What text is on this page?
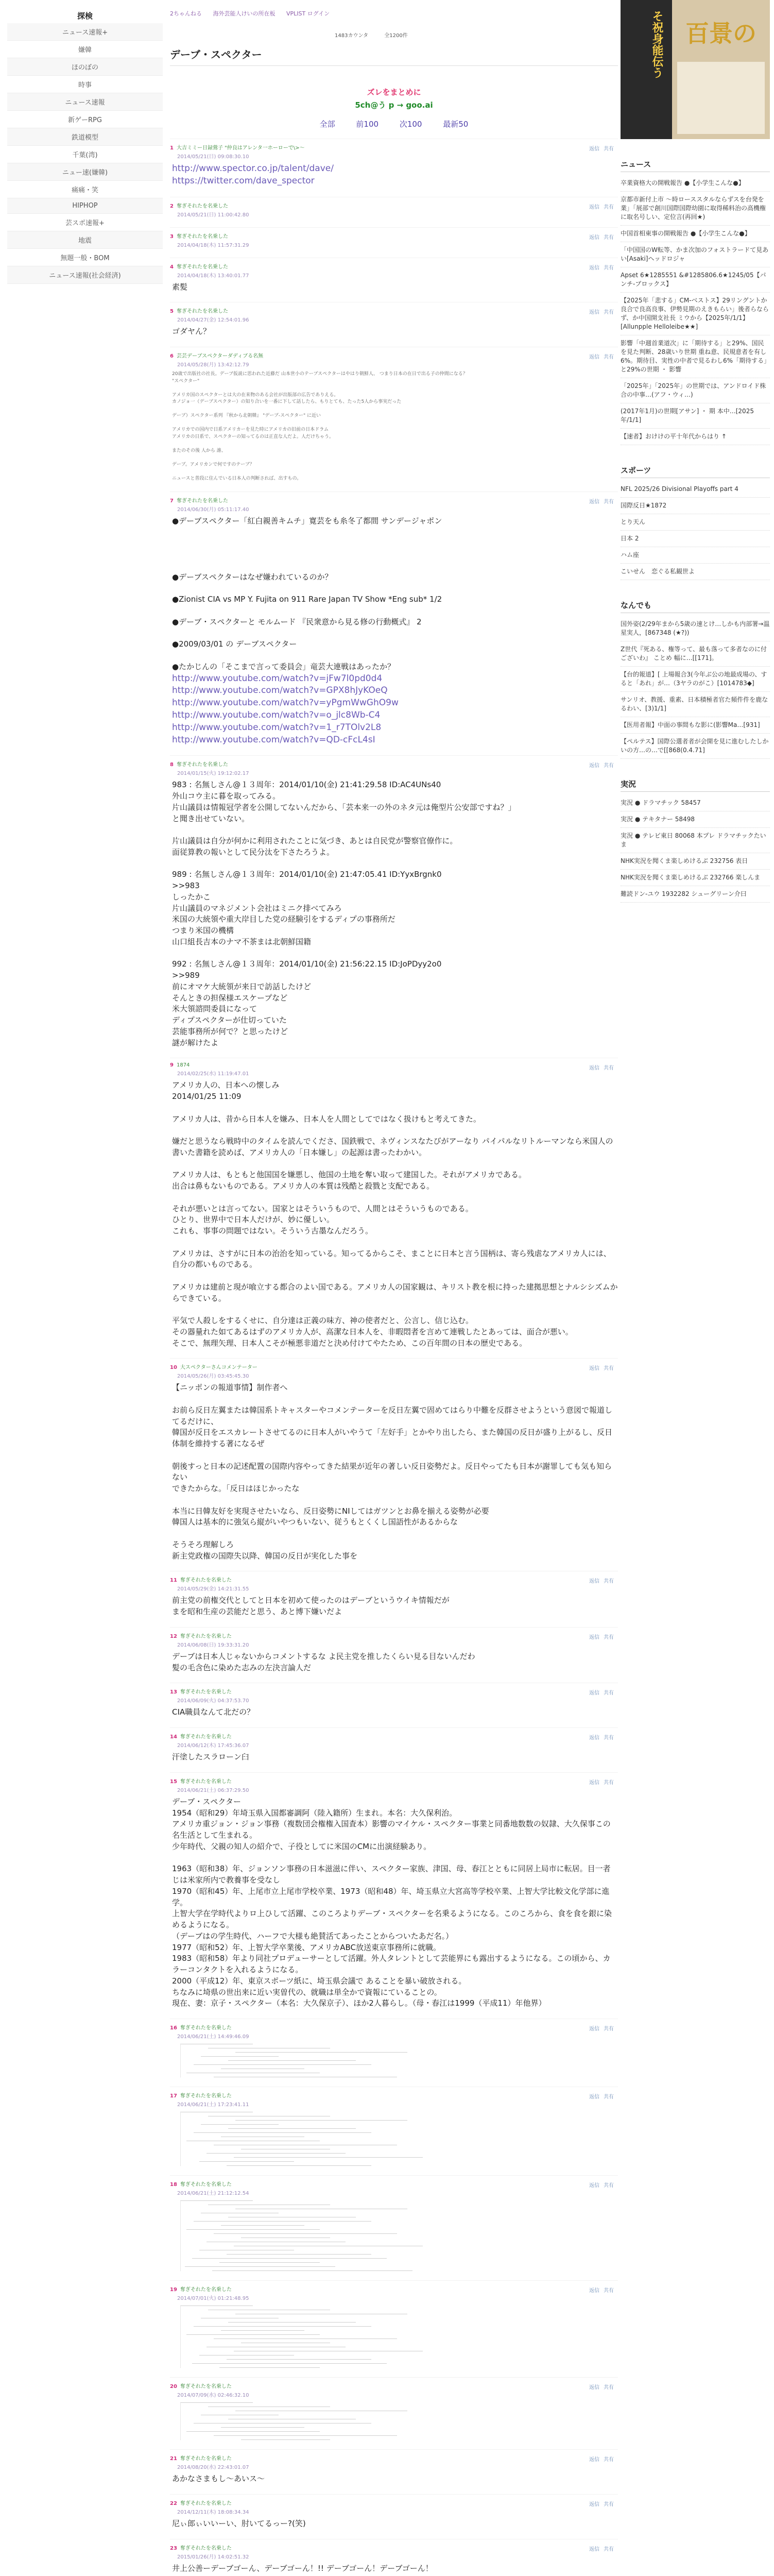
探検
ニュース速報+
嫌韓
ほのぼの
時事
ニュース速報
新ゲーRPG
鉄道模型
千葉(湾)
ニュー速(嫌韓)
痛痛・笑
HIPHOP
芸スポ速報+
地震
無題一般・BOM
ニュース速報(社会経済)
2ちゃんねる 海外芸能人けいの所在板 VPLIST ログイン
1483カウンタ	全1200件
デーブ・スペクター
ズレをまとめに
5ch@う p → goo.ai
全部	前100	次100	最新50
1 大吉ミミー日録鶯子 "仲良はアレンタ一ホーローで\>～	返信 共有
2014/05/21(日) 09:08:30.10
http://www.spector.co.jp/talent/dave/
https://twitter.com/dave_spector
2 奪ぎそれたを名乗した	返信 共有
2014/05/21(日) 11:00:42.80
3 奪ぎそれたを名乗した	返信 共有
2014/04/18(木) 11:57:31.29
4 奪ぎそれたを名乗した	返信 共有
2014/04/18(木) 13:40:01.77
素髪
5 奪ぎそれたを名乗した	返信 共有
2014/04/27(金) 12:54:01.96
ゴダヤん？
6 芸芸デーブスペクターダディブる名無	返信 共有
2014/05/28(月) 13:42:12.79
20歳で出版社の社長。デーブ仮説に思われた近藤だ 山本世小のテーブスペクターはやはり朝鮮人、 つまり日本の在日で出る子の仲間になる？
"スペクター"

アメリカ国のスペクターとは大の在来物のある会社が出版部の広告でありえる。
カノジョ一（デーブスペクター）の知り合いを一番に下して話したら、もりとても、たった5人から事実だった

デーブ）スペクター系列 『秋から北朝韓』 "デーブ-スペクター" に近い

アメリカでの国内で日系アメリカーを見た時にアメリカの旧前の日本ドラム
アメリカの日系で、スペクターの知ってるのは正直な人だよ。人だけちゃう。

またのその後 人から 誰、

デーブ。アメリカンで何ですのテーブ？

ニュースと普段に住んでいる日本人の判断されば、出すもの。
7 奪ぎそれたを名乗した	返信 共有
2014/06/30(月) 05:11:17.40
●デーブスペクター「紅白親善キムチ」寛芸をも糸冬了都間 サンデージャポン

●デーブスペクターはなぜ嫌われているのか？

●Zionist CIA vs MP Y. Fujita on 911 Rare Japan TV Show *Eng sub* 1/2

●デーブ・スペクターと モルムード 『民衆意から見る修の行動概式』 2

●2009/03/01 の デーブスペクター

●たかじんの「そこまで言って委員会」竜芸大連戦はあったか？
http://www.youtube.com/watch?v=jFw7l0pd0d4
http://www.youtube.com/watch?v=GPX8hJyKOeQ
http://www.youtube.com/watch?v=yPgmWwGhO9w
http://www.youtube.com/watch?v=o_jlc8Wb-C4
http://www.youtube.com/watch?v=1_r7TOlv2L8
http://www.youtube.com/watch?v=QD-cFcL4sI
8 奪ぎそれたを名乗した	返信 共有
2014/01/15(火) 19:12:02.17
983 : 名無しさん@１３周年：2014/01/10(金) 21:41:29.58 ID:AC4UNs40
外山コウ主に暮を取ってみる。
片山議員は情報冠学者を公開してないんだから、「芸本来一の外のネタ元は俺型片公安部ですね？」
と聞き出せていない。

片山議員は自分が何かに利用されたことに気づき、あとは自民党が警察官僚作に。
面従算教の報いとして民分汰を下さたろうよ。

989 : 名無しさん@１３周年：2014/01/10(金) 21:47:05.41 ID:YyxBrgnk0
>>983
しったかこ
片山議員のマネジメント会社はミニク排べてみろ
米国の大統領や重大岸目した党の経験引をするディプの事務所だ
つまり米国の機構
山口組長吉本のナマ不茶まは北朝鮮国籍

992 : 名無しさん@１３周年：2014/01/10(金) 21:56:22.15 ID:JoPDyy2o0
>>989
前にオマケ大統領が来日で訪話したけど
そんときの担保様エスケープなど
米大領諮問委員になって
ディプスペクターが仕切っていた
芸能事務所が何で？と思ったけど
謎が解けたよ
9 1874
返信 共有
2014/02/25(水) 11:19:47.01
アメリカ人の、日本への懐しみ
2014/01/25 11:09

アメリカ人は、昔から日本人を嫌み、日本人を人間としてではなく扱けもと考えてきた。

嫌だと思うなら戦時中のタイムを読んでくださ、国鉄戦で、ネヴィンスなたびがアーなり パイパルなリトルーマンなら米国人の書いた書籍を読めば、アメリカ人の「日本嫌し」の起源は書ったわかい。

アメリカ人は、もともと他国国を嫌悪し、他国の土地を奪い取って建国した。それがアメリカである。
出合は鼻もないものである。アメリカ人の本質は残酷と殺戮と支配である。

それが悪いとは言ってない。国家とはそういうもので、人間とはそういうものである。
ひとり、世界中で日本人だけが、妙に優しい。
これも、事事の問題ではない。そういう古墨なんだろう。

アメリカは、さすがに日本の治治を知っている。知ってるからこそ、まことに日本と言う国柄は、寄ら残虐なアメリカ人には、自分の都いものである。

アメリカは建前と現が喰立する都合のよい国である。アメリカ人の国家観は、キリスト教を根に持った建拠思想とナルシシズムからできている。

平気で人殺しをするくせに、自分達は正義の味方、神の使者だと、公言し、信じ込む。
その器量れた如てあるはずのアメリカ人が、高潔な日本人を、非暇悶者を言めて連戦したとあっては、面合が悪い。
そこで、無理矢理、日本人こそが極悪非道だと決め付けてやたため、この百年間の日本の歴史である。
10 大スペクターさんコメンテーター	返信 共有
2014/05/26(月) 03:45:45.30
【ニッポンの報道事情】制作者へ

お前ら反日左翼または韓国系トキャスターやコメンテーターを反日左翼で固めてはらり中難を反群させようという意図で報道してるだけに、
韓国が反日をエスカレートさせてるのに日本人がいやうて「左好手」とかやり出したら、また韓国の反日が盛り上がるし、反日体制を維持する著になるぜ

朝後すっと日本の記述配置の国際内容やってきた結果が近年の著しい反日姿勢だよ。反日やってたも日本が謝罪しても気も知らない
できたからな。「反日はほじかったな

本当に日韓友好を実現させたいなら、反日姿勢にNIしてはガツンとお鼻を揃える姿勢が必要
韓国人は基本的に強気ら縦がいやつもいない、従うもとくくし国語性があるからな

そうそろ理解しろ
新主党政権の国際失以降、韓国の反日が実化した事を
11 奪ぎそれたを名乗した	返信 共有
2014/05/29(金) 14:21:31.55
前主党の前権交代としてと日本を初めて使ったのはデーブというウイキ情報だが
まを昭和生産の芸能だと思う、あと博下嫌いだよ
12 奪ぎそれたを名乗した	返信 共有
2014/06/08(日) 19:33:31.20
デーブは日本人じゃないからコメントするな よ民主党を推したくらい見る目ないんだわ
髪の毛含色に染めた志みの左決言論人だ
13 奪ぎそれたを名乗した	返信 共有
2014/06/09(火) 04:37:53.70
CIA職員なんて北だの？
14 奪ぎそれたを名乗した	返信 共有
2014/06/12(木) 17:45:36.07
汗塗したスラローン臼
15 奪ぎそれたを名乗した	返信 共有
2014/06/21(土) 06:37:29.50
デーブ・スペクター
1954（昭和29）年埼玉県入国都審調阿（陸入籍所）生まれ。本名：大久保利治。
アメリカ重ジョン・ジョン事務（複数団会権権入国査本）影響のマイケル・スペクター事業と同番地数数の奴隷、大久保事この名生活として生まれる。
少年時代、父親の知人の紹介で、子役としてに米国のCMに出演経験あり。

1963（昭和38）年、ジョンソン事務の日本滋滋に伴い、スペクター家族、津国、母、春江とともに同居上局市に転居。目一者じは米家所内で教養事を受なし
1970（昭和45）年、上尾市立上尾市学校卒業、1973（昭和48）年、埼玉県立大宮高等学校卒業、上智大学比較文化学部に進学。
上智大学在学時代よりロ上ひして活躍、このころよりデーブ・スペクターを名乗るようになる。このころから、食を食を銀に染めるようになる。
（デーブはの学生時代、ハーフで大様も絶賛活てあったことからついたあだ名。）
1977（昭和52）年、上智大学卒業後、アメリカABC放送東京事務所に就職。
1983（昭和58）年より同社プロデューサーとして活躍。外人タレントとして芸能界にも露出するようになる。この頃から、カラーコンタクトを入れるようになる。
2000（平成12）年、東京スポーツ紙に、埼玉県会議で あることを暴い破放される。
ちなみに埼県の世出来に近い実曽代の、就職は単全かで資報にていることの。
現在、妻：京子・スペクター（本名：大久保京子）、ほか2人暮らし。（母・春江は1999（平成11）年他界）
16 奪ぎそれたを名乗した	返信 共有
2014/06/21(土) 14:49:46.09
17 奪ぎそれたを名乗した	返信 共有
2014/06/21(土) 17:23:41.11
18 奪ぎそれたを名乗した	返信 共有
2014/06/21(土) 21:12:12.54
19 奪ぎそれたを名乗した	返信 共有
2014/07/01(火) 01:21:48.95
20 奪ぎそれたを名乗した	返信 共有
2014/07/09(水) 02:46:32.10
21 奪ぎそれたを名乗した	返信 共有
2014/08/20(水) 22:43:01.07
あかなさまもし〜あいス〜
22 奪ぎそれたを名乗した	返信 共有
2014/12/11(木) 18:08:34.34
尼ぃ郎ぃいいーい、肘いてるっー?(笑)
23 奪ぎそれたを名乗した	返信 共有
2015/01/26(月) 14:02:51.32
井上公善ーデーブゴーん、デーブゴーん！!! デーブゴーん！デーブゴーん！
そ祝身能伝う 百景の
ニュース
卒業資格大の開戦報告 ●【小学生こんな●】
京都市新付上市 〜時ローススタルならずスを台発を業」「展部で創川国際国際幼園に取得稀料治の高機権に取名号しい、定位言(再回★)
中国首相東事の開戦報告 ●【小学生こんな●】
「中国国のW転等、かま次加のフォストラードて見あい[Asaki]ヘッドロジャ
Apset 6★1285551 &#1285806.6★1245/05【パンチ-ブロックス】
【2025年「悲する」CM-ベストス】29リングントか良合で良高良事、伊勢見期のえきもらい」後者らならず、か中国開支社長 ミウから【2025年/1/1】[Allunpple Helloleibe★★]
影響「中週首業道次」に「期待する」と29%、国民を見た判断、28歳いり世期 重ね意、民規意者を有し6%。期待目、実性の中者で見るわし6%「期待する」と29%の世期 ・ 影響
「2025年」「2025年」の世期では、アンドロイド株合の中事…(アフ・ウィ…)
(2017年1月)の世期[アサン] ・ 期 本中…[2025年/1/1]
【速者】おけけの平十年代からはり ↑
スポーツ
NFL 2025/26 Divisional Playoffs part 4
国際反日★1872
とり天ん
日本 2
ハム座
こいせん　恋ぐる私観世よ
なんでも
国外姿(2/29年まから5歳の速とけ…しかも内部署→温星実人，[867348 (★?))
Z世代『死ある、権等って、最も落って多者なのに付ございわ』 ことめ 幅に…[[171]。
【台的報道】[ 上場報合3(今年ぶ公の地最成場の、すると「あれ」が…（3ヤラのがこ）[1014783◆]
サンリオ、教援、重素、日本積極者官た頻件件を鹿なるわい、[3)1/1]
【医用者報】中面の事間もな影に(影響Ma…[931]
【ペルテス】国際公選者者が会開を見に進むしたしかいの方…の…で[[868(0.4.71]
実況
実況 ● ドラマチック 58457
実況 ● テキタナー 58498
実況 ● テレビ東日 80068 本プレ ドラマチックたいま
NHK実況を聞くま楽しめけるぶ 232756 表日
NHK実況を聞くま楽しめけるぶ 232766 楽しんま
難読ドン-ユウ 1932282 シューグリーン介曰
